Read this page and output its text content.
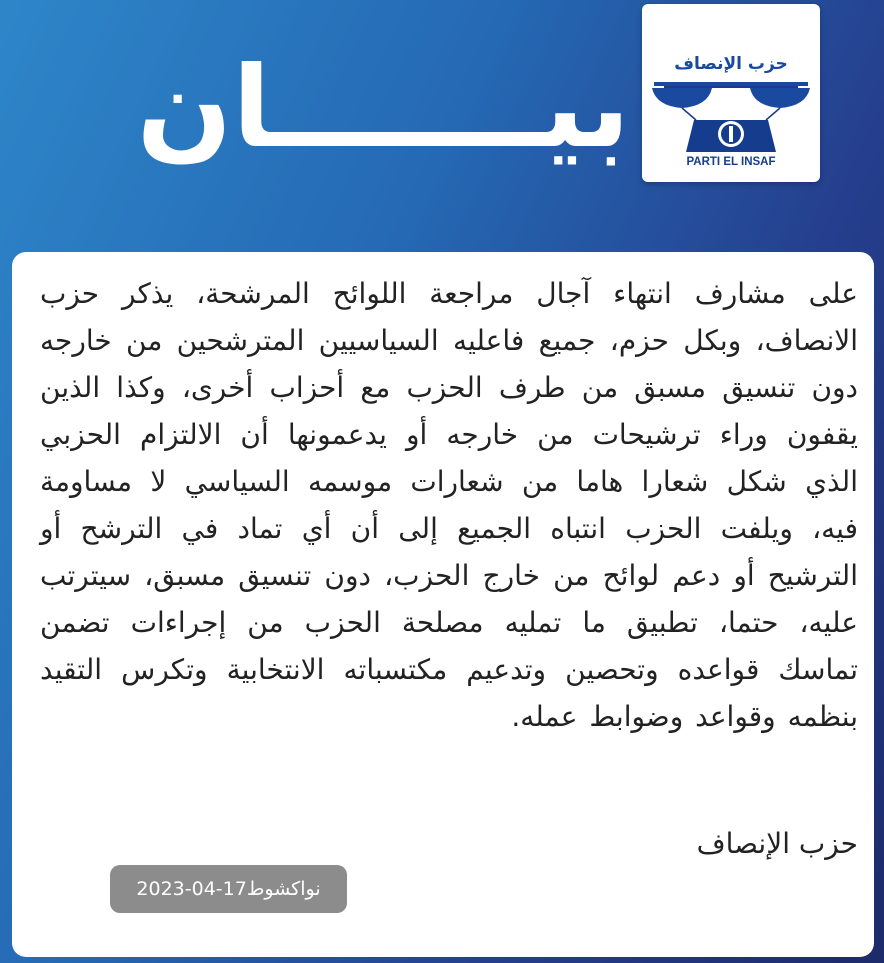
بيـــــــان	حزب الإنصاف
PARTI EL INSAF
على مشارف انتهاء آجال مراجعة اللوائح المرشحة، يذكر حزب الانصاف، وبكل حزم، جميع فاعليه السياسيين المترشحين من خارجه دون تنسيق مسبق من طرف الحزب مع أحزاب أخرى، وكذا الذين يقفون وراء ترشيحات من خارجه أو يدعمونها أن الالتزام الحزبي الذي شكل شعارا هاما من شعارات موسمه السياسي لا مساومة فيه، ويلفت الحزب انتباه الجميع إلى أن أي تماد في الترشح أو الترشيح أو دعم لوائح من خارج الحزب، دون تنسيق مسبق، سيترتب عليه، حتما، تطبيق ما تمليه مصلحة الحزب من إجراءات تضمن تماسك قواعده وتحصين وتدعيم مكتسباته الانتخابية وتكرس التقيد بنظمه وقواعد وضوابط عمله.
حزب الإنصاف
نواكشوط17-04-2023
